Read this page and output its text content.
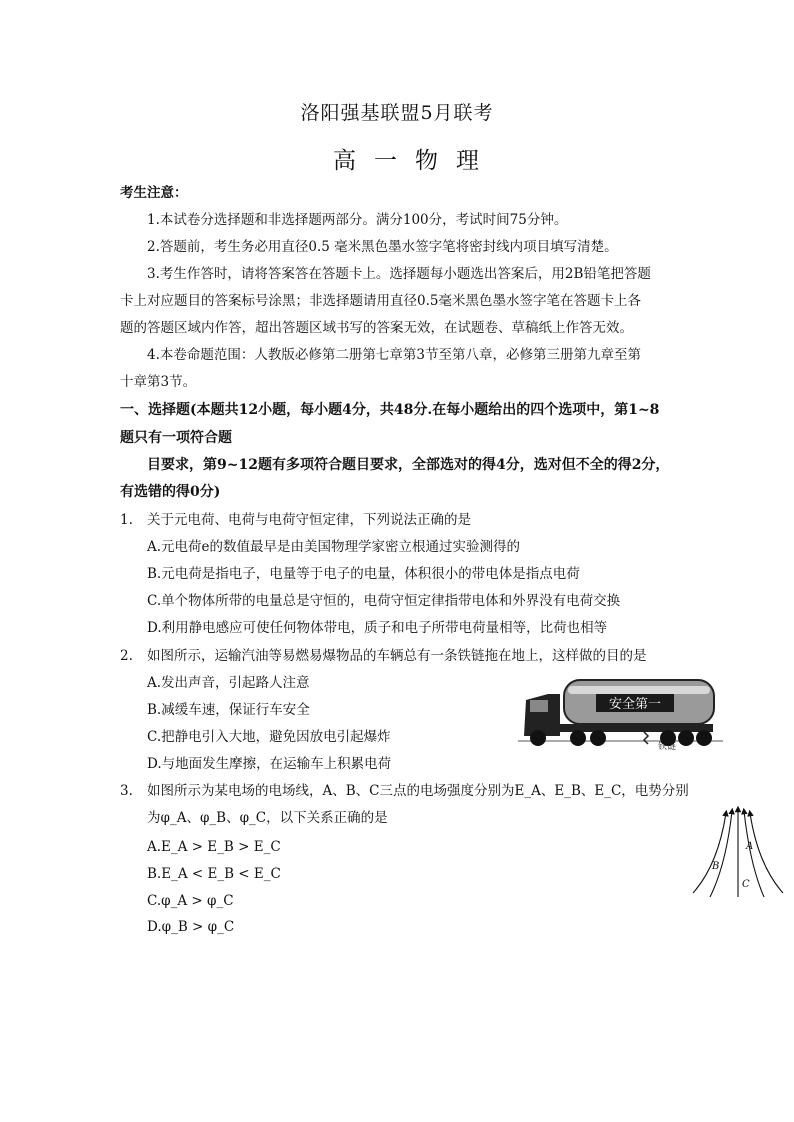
洛阳强基联盟5月联考
高一物理
考生注意：
1.本试卷分选择题和非选择题两部分。满分100分，考试时间75分钟。
2.答题前，考生务必用直径0.5 毫米黑色墨水签字笔将密封线内项目填写清楚。
3.考生作答时，请将答案答在答题卡上。选择题每小题选出答案后，用2B铅笔把答题
卡上对应题目的答案标号涂黑；非选择题请用直径0.5毫米黑色墨水签字笔在答题卡上各
题的答题区域内作答，超出答题区域书写的答案无效，在试题卷、草稿纸上作答无效。
4.本卷命题范围：人教版必修第二册第七章第3节至第八章，必修第三册第九章至第
十章第3节。
一、选择题(本题共12小题，每小题4分，共48分.在每小题给出的四个选项中，第1~8
题只有一项符合题
目要求，第9~12题有多项符合题目要求，全部选对的得4分，选对但不全的得2分，
有选错的得0分)
1. 关于元电荷、电荷与电荷守恒定律，下列说法正确的是
A.元电荷e的数值最早是由美国物理学家密立根通过实验测得的
B.元电荷是指电子，电量等于电子的电量，体积很小的带电体是指点电荷
C.单个物体所带的电量总是守恒的，电荷守恒定律指带电体和外界没有电荷交换
D.利用静电感应可使任何物体带电，质子和电子所带电荷量相等，比荷也相等
2. 如图所示，运输汽油等易燃易爆物品的车辆总有一条铁链拖在地上，这样做的目的是
A.发出声音，引起路人注意
B.减缓车速，保证行车安全
C.把静电引入大地，避免因放电引起爆炸
D.与地面发生摩擦，在运输车上积累电荷
安全第一
铁链
3. 如图所示为某电场的电场线，A、B、C三点的电场强度分别为E_A、E_B、E_C，电势分别
为φ_A、φ_B、φ_C，以下关系正确的是
A.E_A > E_B > E_C
B.E_A < E_B < E_C
C.φ_A > φ_C
D.φ_B > φ_C
A
B
C
